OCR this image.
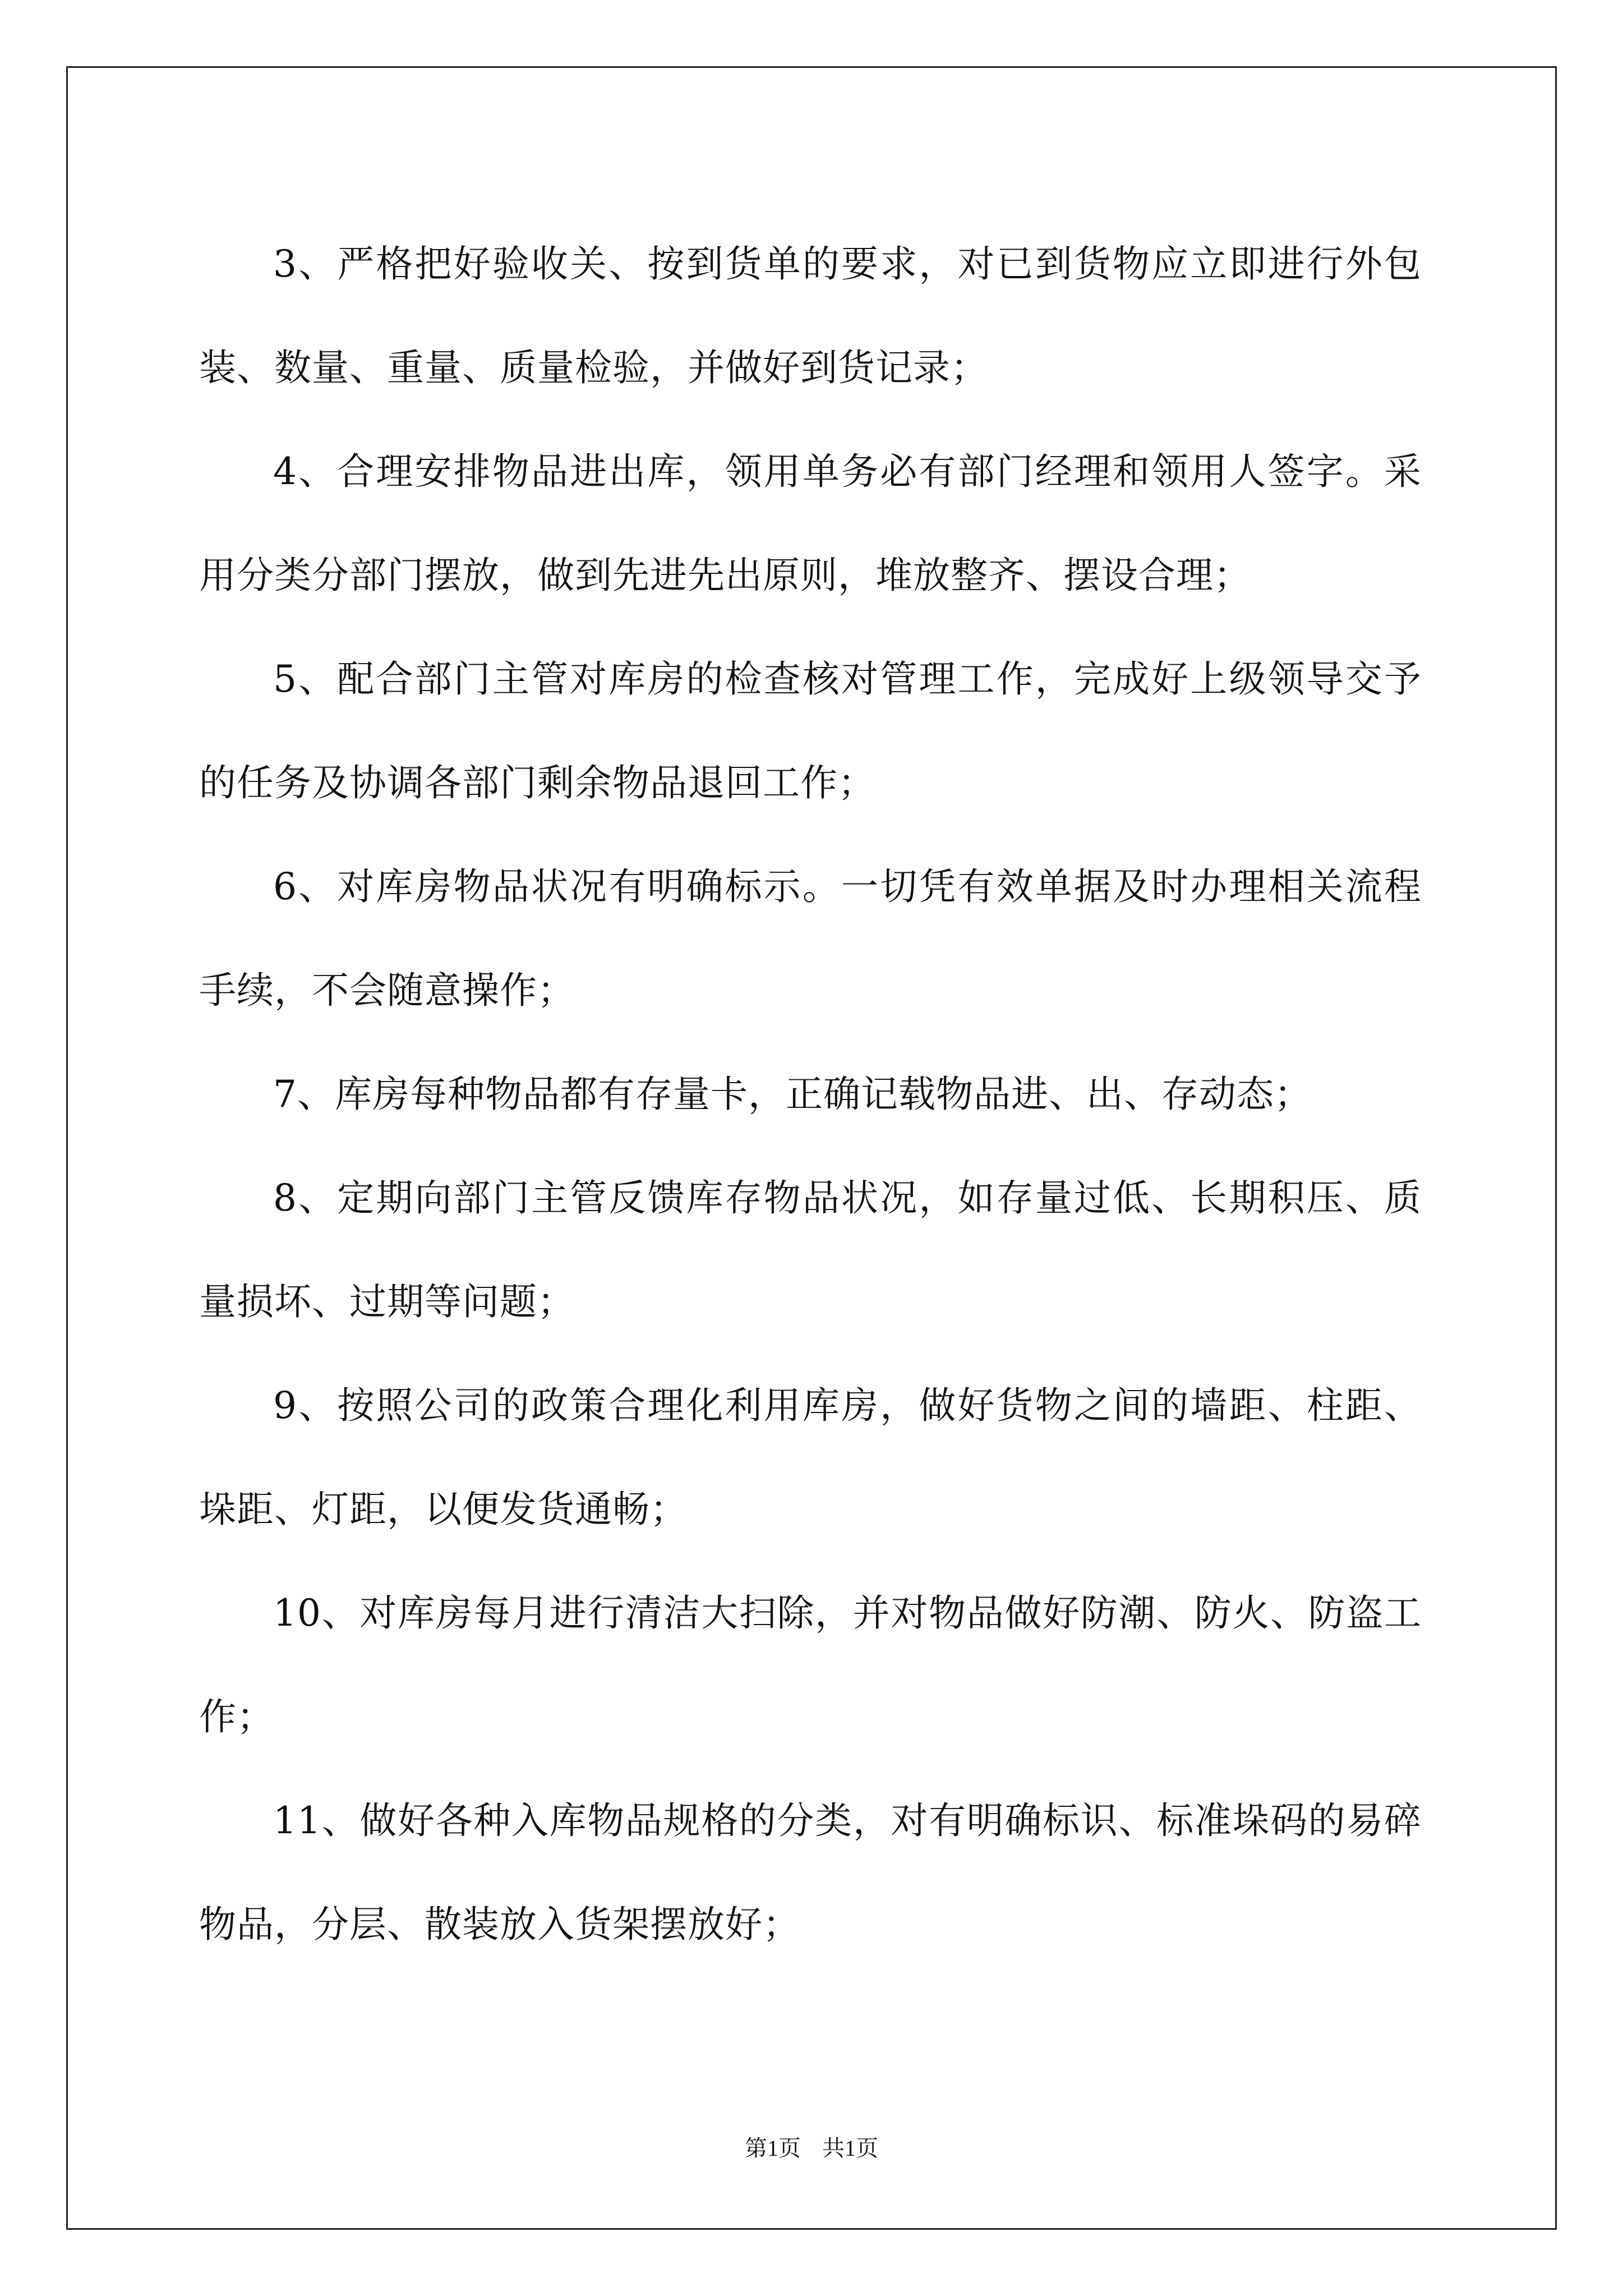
3、严格把好验收关、按到货单的要求，对已到货物应立即进行外包装、数量、重量、质量检验，并做好到货记录；

4、合理安排物品进出库，领用单务必有部门经理和领用人签字。采用分类分部门摆放，做到先进先出原则，堆放整齐、摆设合理；

5、配合部门主管对库房的检查核对管理工作，完成好上级领导交予的任务及协调各部门剩余物品退回工作；

6、对库房物品状况有明确标示。一切凭有效单据及时办理相关流程手续，不会随意操作；

7、库房每种物品都有存量卡，正确记载物品进、出、存动态；

8、定期向部门主管反馈库存物品状况，如存量过低、长期积压、质量损坏、过期等问题；

9、按照公司的政策合理化利用库房，做好货物之间的墙距、柱距、垛距、灯距，以便发货通畅；

10、对库房每月进行清洁大扫除，并对物品做好防潮、防火、防盗工作；

11、做好各种入库物品规格的分类，对有明确标识、标准垛码的易碎物品，分层、散装放入货架摆放好；

第1页 共1页
